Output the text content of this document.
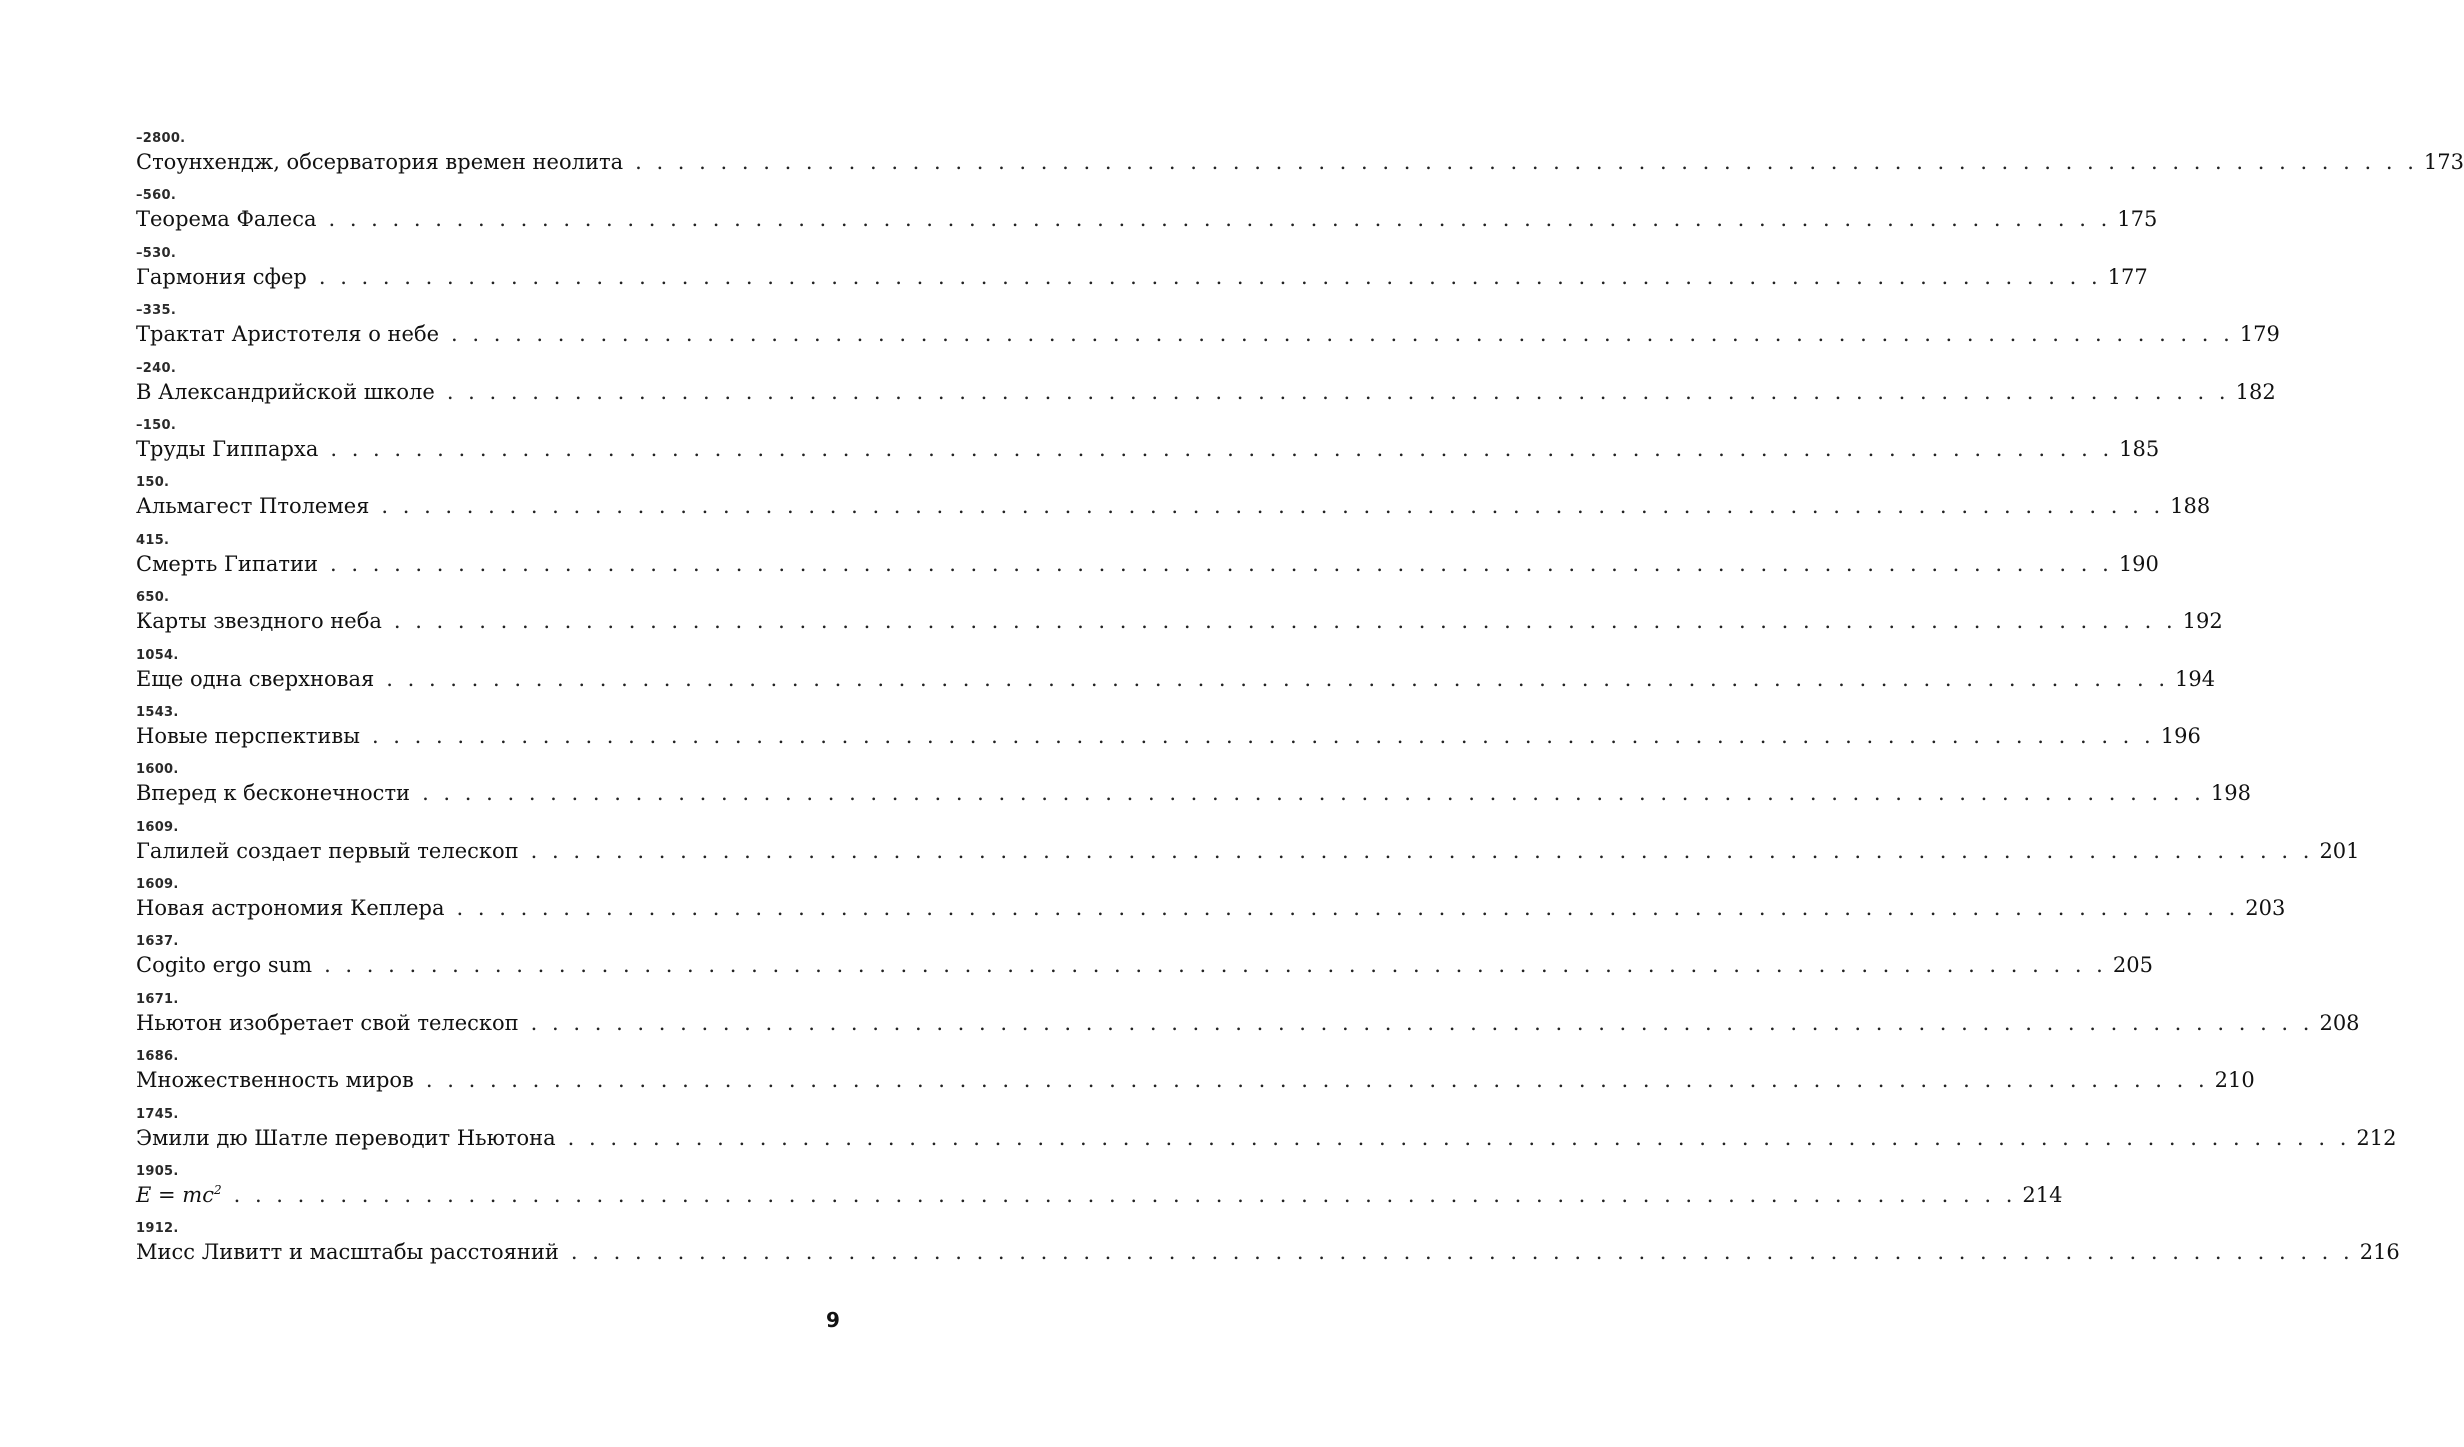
–2800.
Стоунхендж, обсерватория времен неолита . . . . . . . . . . . . . . . . . . . . . . . . . . . . . . . . . . . . . . . . . . . . . . . . . . . . . . . . . . . . . . . . . . . . . . . . . . . . . . . . . . . . 173
–560.
Теорема Фалеса . . . . . . . . . . . . . . . . . . . . . . . . . . . . . . . . . . . . . . . . . . . . . . . . . . . . . . . . . . . . . . . . . . . . . . . . . . . . . . . . . . . . 175
–530.
Гармония сфер . . . . . . . . . . . . . . . . . . . . . . . . . . . . . . . . . . . . . . . . . . . . . . . . . . . . . . . . . . . . . . . . . . . . . . . . . . . . . . . . . . . . 177
–335.
Трактат Аристотеля о небе . . . . . . . . . . . . . . . . . . . . . . . . . . . . . . . . . . . . . . . . . . . . . . . . . . . . . . . . . . . . . . . . . . . . . . . . . . . . . . . . . . . . 179
–240.
В Александрийской школе . . . . . . . . . . . . . . . . . . . . . . . . . . . . . . . . . . . . . . . . . . . . . . . . . . . . . . . . . . . . . . . . . . . . . . . . . . . . . . . . . . . . 182
–150.
Труды Гиппарха . . . . . . . . . . . . . . . . . . . . . . . . . . . . . . . . . . . . . . . . . . . . . . . . . . . . . . . . . . . . . . . . . . . . . . . . . . . . . . . . . . . . 185
150.
Альмагест Птолемея . . . . . . . . . . . . . . . . . . . . . . . . . . . . . . . . . . . . . . . . . . . . . . . . . . . . . . . . . . . . . . . . . . . . . . . . . . . . . . . . . . . . 188
415.
Смерть Гипатии . . . . . . . . . . . . . . . . . . . . . . . . . . . . . . . . . . . . . . . . . . . . . . . . . . . . . . . . . . . . . . . . . . . . . . . . . . . . . . . . . . . . 190
650.
Карты звездного неба . . . . . . . . . . . . . . . . . . . . . . . . . . . . . . . . . . . . . . . . . . . . . . . . . . . . . . . . . . . . . . . . . . . . . . . . . . . . . . . . . . . . 192
1054.
Еще одна сверхновая . . . . . . . . . . . . . . . . . . . . . . . . . . . . . . . . . . . . . . . . . . . . . . . . . . . . . . . . . . . . . . . . . . . . . . . . . . . . . . . . . . . . 194
1543.
Новые перспективы . . . . . . . . . . . . . . . . . . . . . . . . . . . . . . . . . . . . . . . . . . . . . . . . . . . . . . . . . . . . . . . . . . . . . . . . . . . . . . . . . . . . 196
1600.
Вперед к бесконечности . . . . . . . . . . . . . . . . . . . . . . . . . . . . . . . . . . . . . . . . . . . . . . . . . . . . . . . . . . . . . . . . . . . . . . . . . . . . . . . . . . . . 198
1609.
Галилей создает первый телескоп . . . . . . . . . . . . . . . . . . . . . . . . . . . . . . . . . . . . . . . . . . . . . . . . . . . . . . . . . . . . . . . . . . . . . . . . . . . . . . . . . . . . 201
1609.
Новая астрономия Кеплера . . . . . . . . . . . . . . . . . . . . . . . . . . . . . . . . . . . . . . . . . . . . . . . . . . . . . . . . . . . . . . . . . . . . . . . . . . . . . . . . . . . . 203
1637.
Cogito ergo sum . . . . . . . . . . . . . . . . . . . . . . . . . . . . . . . . . . . . . . . . . . . . . . . . . . . . . . . . . . . . . . . . . . . . . . . . . . . . . . . . . . . . 205
1671.
Ньютон изобретает свой телескоп . . . . . . . . . . . . . . . . . . . . . . . . . . . . . . . . . . . . . . . . . . . . . . . . . . . . . . . . . . . . . . . . . . . . . . . . . . . . . . . . . . . . 208
1686.
Множественность миров . . . . . . . . . . . . . . . . . . . . . . . . . . . . . . . . . . . . . . . . . . . . . . . . . . . . . . . . . . . . . . . . . . . . . . . . . . . . . . . . . . . . 210
1745.
Эмили дю Шатле переводит Ньютона . . . . . . . . . . . . . . . . . . . . . . . . . . . . . . . . . . . . . . . . . . . . . . . . . . . . . . . . . . . . . . . . . . . . . . . . . . . . . . . . . . . . 212
1905.
$E = mc^2$ . . . . . . . . . . . . . . . . . . . . . . . . . . . . . . . . . . . . . . . . . . . . . . . . . . . . . . . . . . . . . . . . . . . . . . . . . . . . . . . . . . . . 214
1912.
Мисс Ливитт и масштабы расстояний . . . . . . . . . . . . . . . . . . . . . . . . . . . . . . . . . . . . . . . . . . . . . . . . . . . . . . . . . . . . . . . . . . . . . . . . . . . . . . . . . . . . 216
9
